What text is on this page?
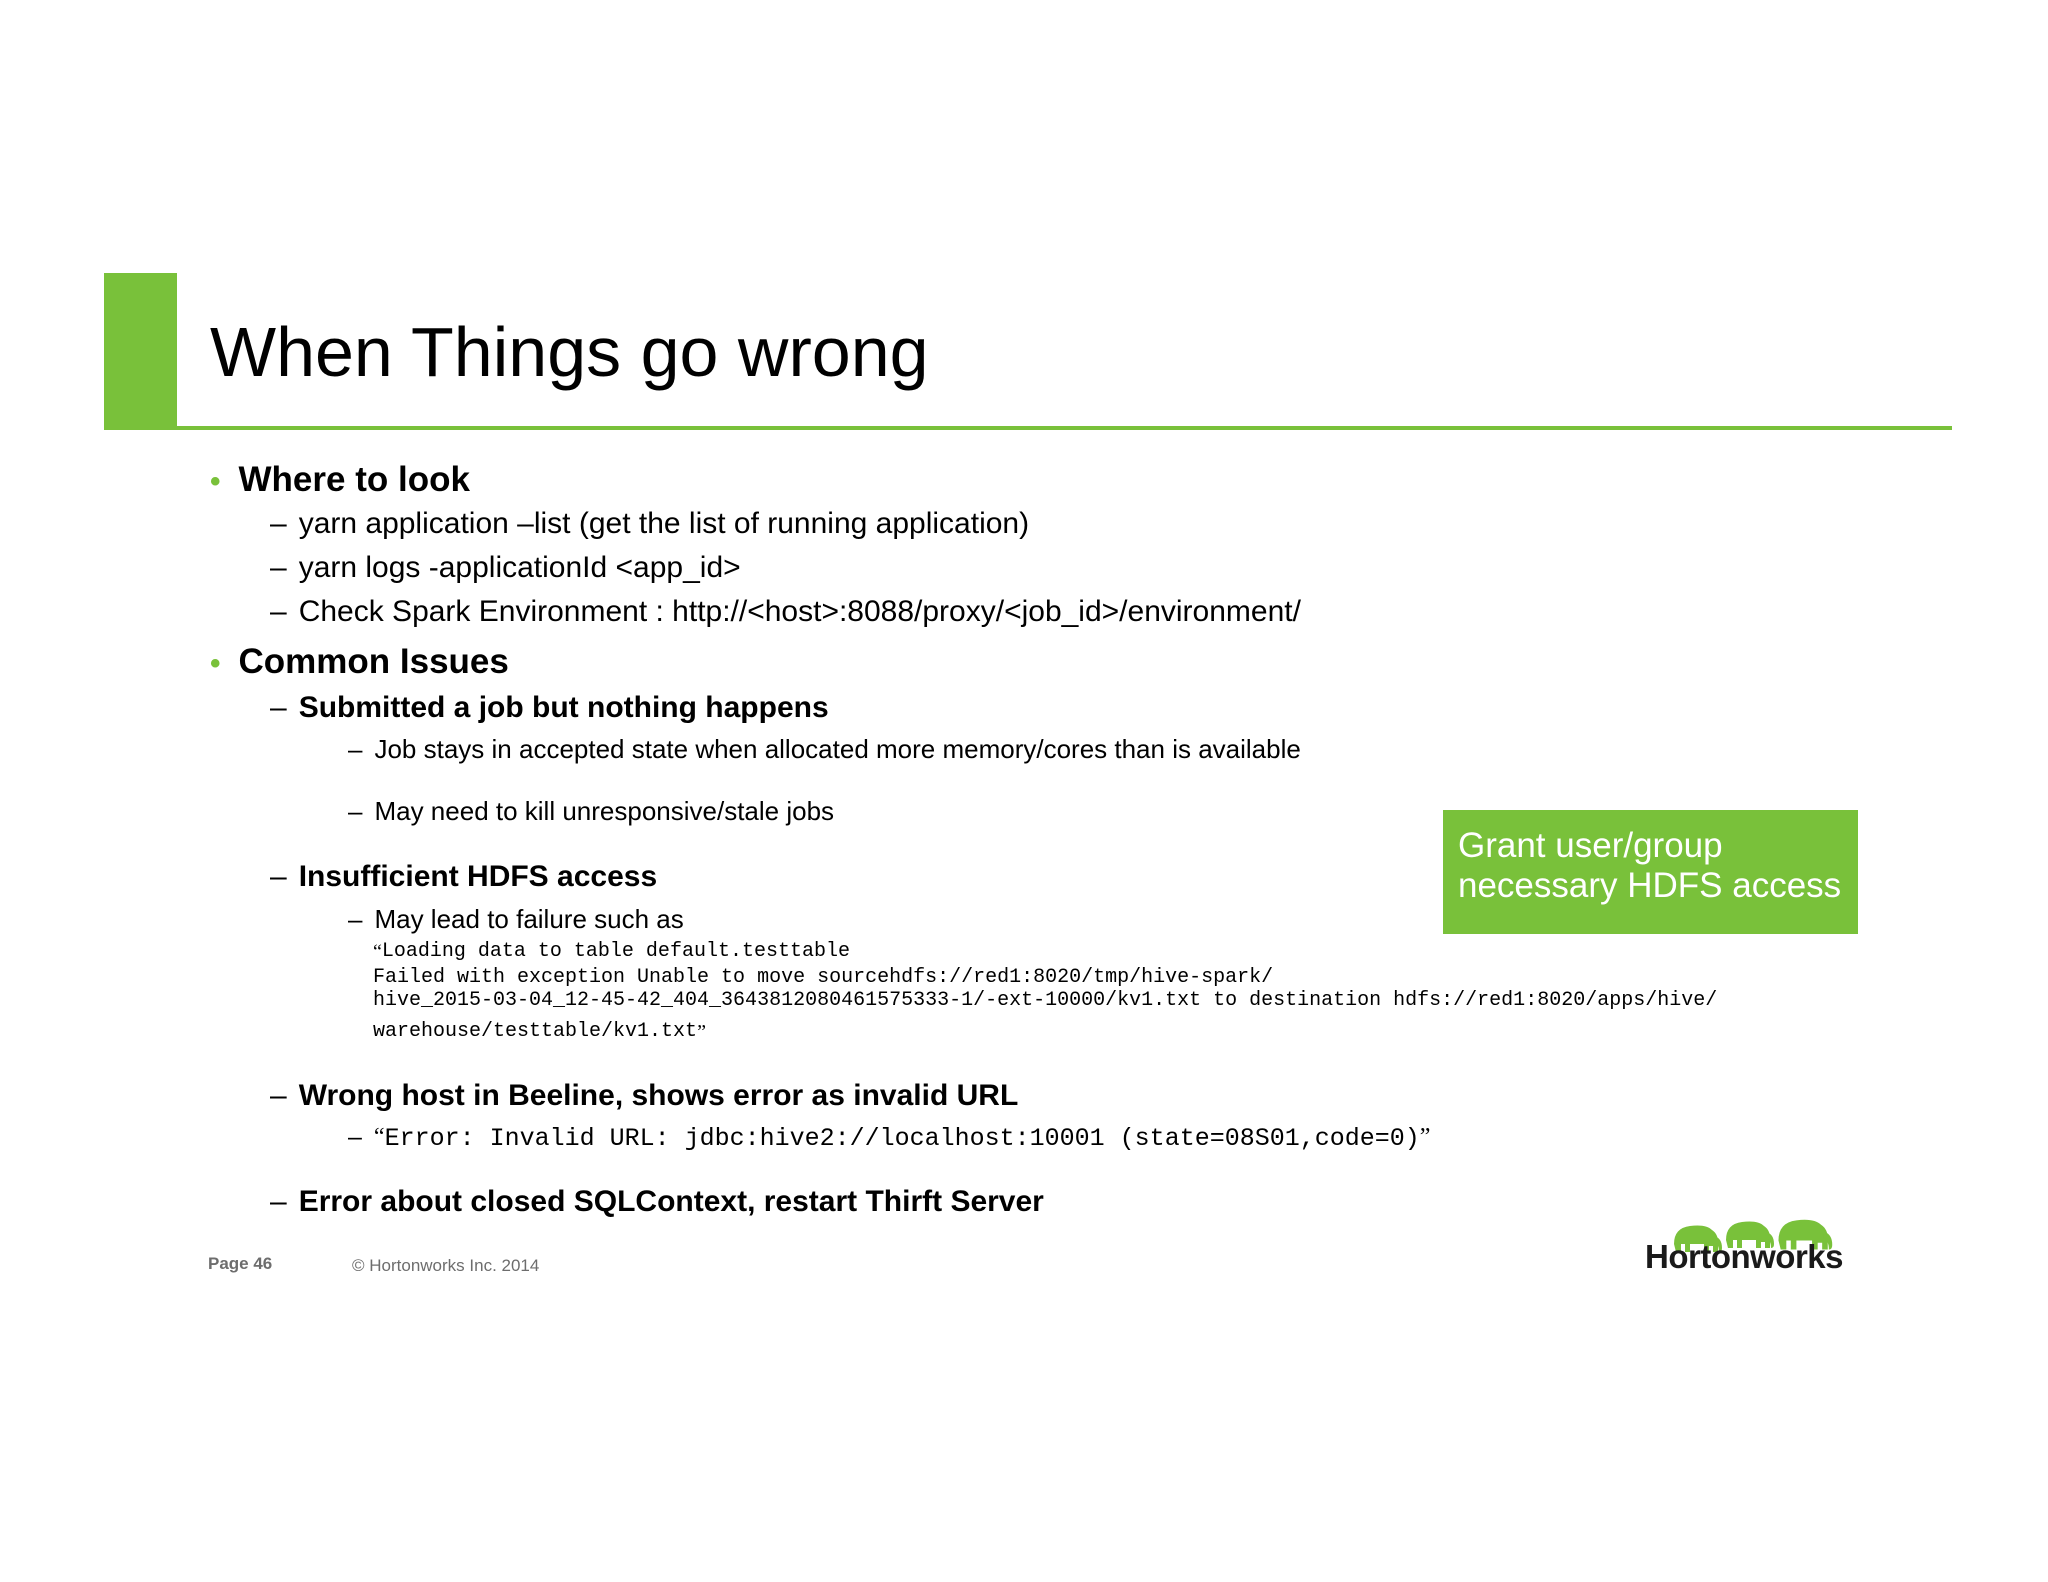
When Things go wrong
• Where to look
– yarn application –list (get the list of running application)
– yarn logs -applicationId <app_id>
– Check Spark Environment : http://<host>:8088/proxy/<job_id>/environment/
• Common Issues
– Submitted a job but nothing happens
– Job stays in accepted state when allocated more memory/cores than is available
– May need to kill unresponsive/stale jobs
– Insufficient HDFS access
– May lead to failure such as
“Loading data to table default.testtable
Failed with exception Unable to move sourcehdfs://red1:8020/tmp/hive-spark/
hive_2015-03-04_12-45-42_404_3643812080461575333-1/-ext-10000/kv1.txt to destination hdfs://red1:8020/apps/hive/
warehouse/testtable/kv1.txt”
– Wrong host in Beeline, shows error as invalid URL
– “Error: Invalid URL: jdbc:hive2://localhost:10001 (state=08S01,code=0)”
– Error about closed SQLContext, restart Thirft Server
Grant user/group
necessary HDFS access
Page 46	© Hortonworks Inc. 2014	Hortonworks
